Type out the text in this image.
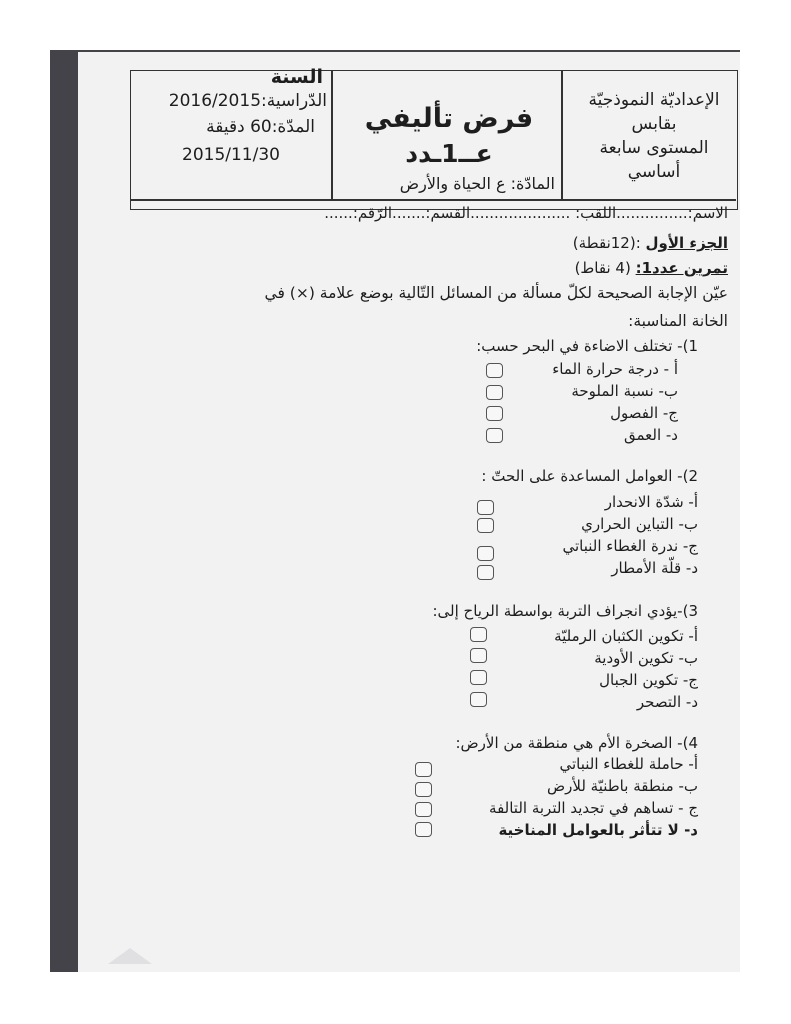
الإعداديّة النموذجيّة
بقابس
المستوى سابعة
أساسي
فرض تأليفي
عــ1ـدد
المادّة: ع الحياة والأرض
السنة
الدّراسية:2016/2015
المدّة:60 دقيقة
2015/11/30
الاسم:...............اللقب: .....................القسم:.......الرّقم:......
الجزء الأول :(12نقطة)
تمرين عدد1: (4 نقاط)
عيّن الإجابة الصحيحة لكلّ مسألة من المسائل التّالية بوضع علامة (×) في
الخانة المناسبة:
1)- تختلف الاضاءة في البحر حسب:
أ - درجة حرارة الماء
ب- نسبة الملوحة
ج- الفصول
د- العمق
2)- العوامل المساعدة على الحتّ :
أ- شدّة الانحدار
ب- التباين الحراري
ج- ندرة الغطاء النباتي
د- قلّة الأمطار
3)-يؤدي انجراف التربة بواسطة الرياح إلى:
أ- تكوين الكثبان الرمليّة
ب- تكوين الأودية
ج- تكوين الجبال
د- التصحر
4)- الصخرة الأم هي منطقة من الأرض:
أ- حاملة للغطاء النباتي
ب- منطقة باطنيّة للأرض
ج - تساهم في تجديد التربة التالفة
د- لا تتأثر بالعوامل المناخية
